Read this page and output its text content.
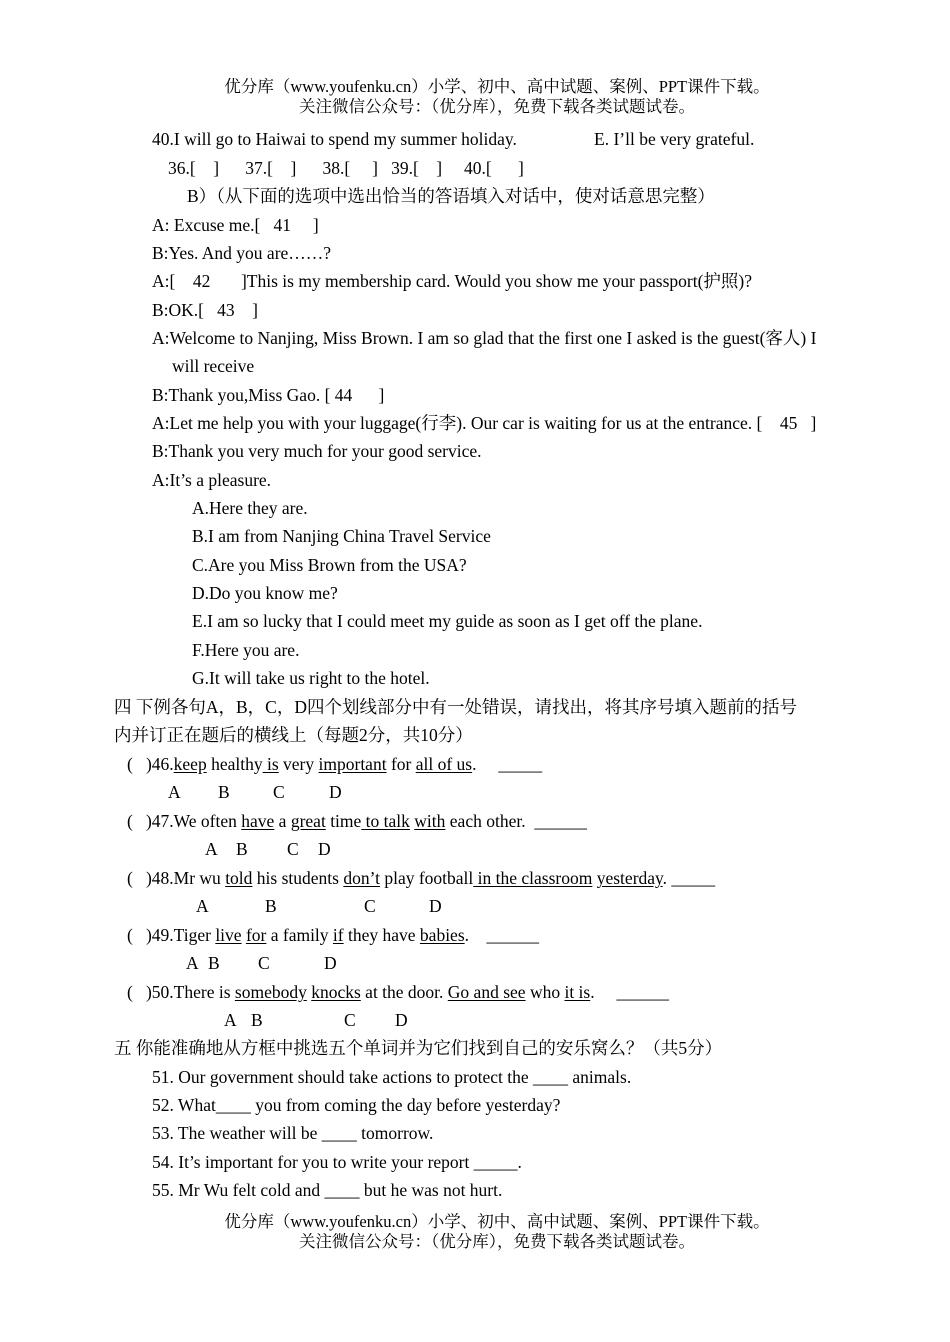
优分库（www.youfenku.cn）小学、初中、高中试题、案例、PPT课件下载。
关注微信公众号：（优分库），免费下载各类试题试卷。
40.I will go to Haiwai to spend my summer holiday.	E. I’ll be very grateful.
36.[    ]      37.[    ]      38.[     ]   39.[    ]     40.[      ]
B）（从下面的选项中选出恰当的答语填入对话中，使对话意思完整）
A: Excuse me.[   41     ]
B:Yes. And you are……?
A:[    42       ]This is my membership card. Would you show me your passport(护照)?
B:OK.[   43    ]
A:Welcome to Nanjing, Miss Brown. I am so glad that the first one I asked is the guest(客人) I
will receive
B:Thank you,Miss Gao. [ 44      ]
A:Let me help you with your luggage(行李). Our car is waiting for us at the entrance. [    45   ]
B:Thank you very much for your good service.
A:It’s a pleasure.
A.Here they are.
B.I am from Nanjing China Travel Service
C.Are you Miss Brown from the USA?
D.Do you know me?
E.I am so lucky that I could meet my guide as soon as I get off the plane.
F.Here you are.
G.It will take us right to the hotel.
四 下例各句A，B，C，D四个划线部分中有一处错误，请找出，将其序号填入题前的括号
内并订正在题后的横线上（每题2分，共10分）
( )46.keep healthy is very important for all of us.     _____
A B C	D
( )47.We often have a great time to talk with each other.  ______
A B C D
( )48.Mr wu told his students don’t play football in the classroom yesterday. _____
A	B	C	D
( )49.Tiger live for a family if they have babies.    ______
A B C	D
( )50.There is somebody knocks at the door. Go and see who it is.     ______
A B	C D
五 你能准确地从方框中挑选五个单词并为它们找到自己的安乐窝么？（共5分）
51. Our government should take actions to protect the ____ animals.
52. What____ you from coming the day before yesterday?
53. The weather will be ____ tomorrow.
54. It’s important for you to write your report _____.
55. Mr Wu felt cold and ____ but he was not hurt.
优分库（www.youfenku.cn）小学、初中、高中试题、案例、PPT课件下载。
关注微信公众号：（优分库），免费下载各类试题试卷。
